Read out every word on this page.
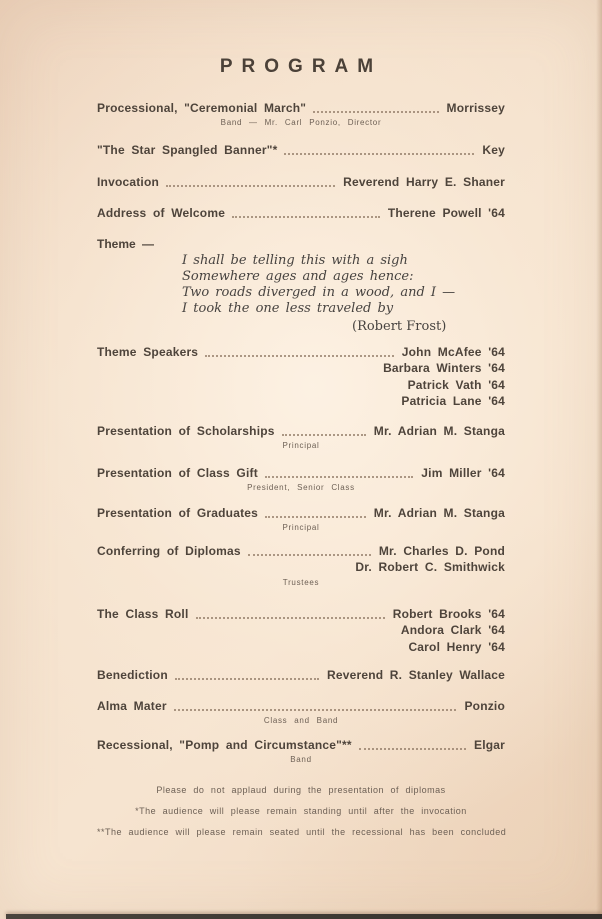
PROGRAM
Processional, "Ceremonial March"	Morrissey
Band — Mr. Carl Ponzio, Director
"The Star Spangled Banner"*	Key
Invocation	Reverend Harry E. Shaner
Address of Welcome	Therene Powell '64
Theme —
I shall be telling this with a sigh
Somewhere ages and ages hence:
Two roads diverged in a wood, and I —
I took the one less traveled by
(Robert Frost)
Theme Speakers	John McAfee '64
Barbara Winters '64
Patrick Vath '64
Patricia Lane '64
Presentation of Scholarships	Mr. Adrian M. Stanga
Principal
Presentation of Class Gift	Jim Miller '64
President, Senior Class
Presentation of Graduates	Mr. Adrian M. Stanga
Principal
Conferring of Diplomas	Mr. Charles D. Pond
Dr. Robert C. Smithwick
Trustees
The Class Roll	Robert Brooks '64
Andora Clark '64
Carol Henry '64
Benediction	Reverend R. Stanley Wallace
Alma Mater	Ponzio
Class and Band
Recessional, "Pomp and Circumstance"**	Elgar
Band
Please do not applaud during the presentation of diplomas
*The audience will please remain standing until after the invocation
**The audience will please remain seated until the recessional has been concluded
